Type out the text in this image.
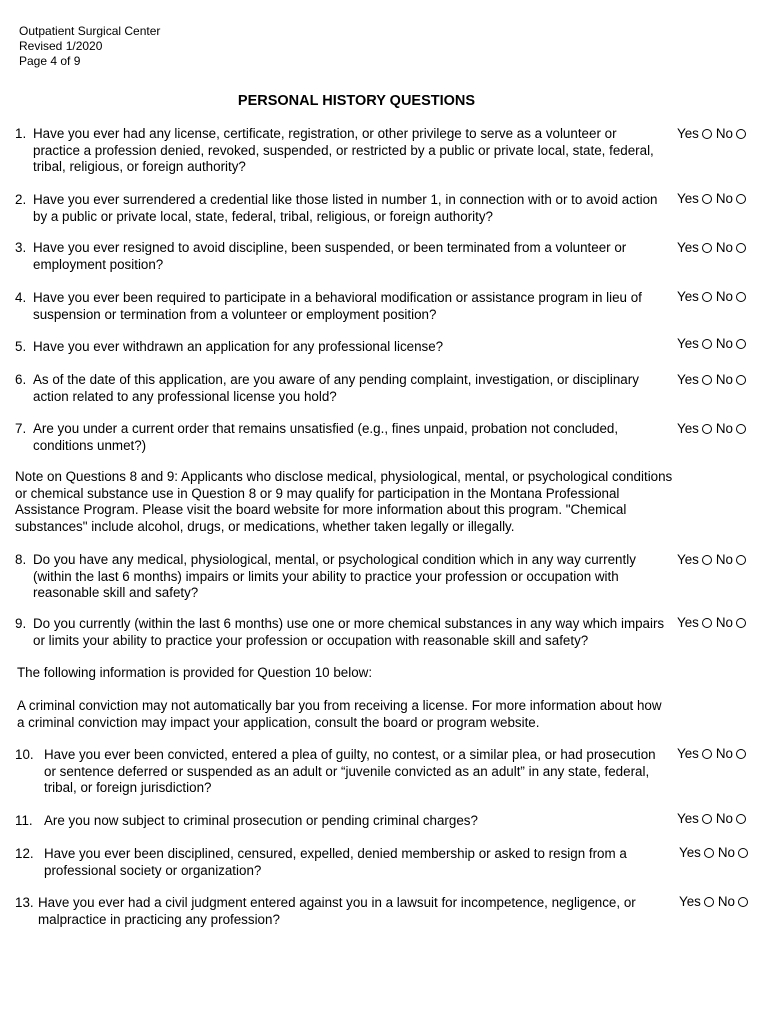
Outpatient Surgical Center
Revised 1/2020
Page 4 of 9
PERSONAL HISTORY QUESTIONS
1. Have you ever had any license, certificate, registration, or other privilege to serve as a volunteer or practice a profession denied, revoked, suspended, or restricted by a public or private local, state, federal, tribal, religious, or foreign authority?
Yes No
2. Have you ever surrendered a credential like those listed in number 1, in connection with or to avoid action by a public or private local, state, federal, tribal, religious, or foreign authority?
Yes No
3. Have you ever resigned to avoid discipline, been suspended, or been terminated from a volunteer or employment position?
Yes No
4. Have you ever been required to participate in a behavioral modification or assistance program in lieu of suspension or termination from a volunteer or employment position?
Yes No
5. Have you ever withdrawn an application for any professional license?	Yes No
6. As of the date of this application, are you aware of any pending complaint, investigation, or disciplinary action related to any professional license you hold?
Yes No
7. Are you under a current order that remains unsatisfied (e.g., fines unpaid, probation not concluded, conditions unmet?)
Yes No
Note on Questions 8 and 9: Applicants who disclose medical, physiological, mental, or psychological conditions or chemical substance use in Question 8 or 9 may qualify for participation in the Montana Professional Assistance Program. Please visit the board website for more information about this program. "Chemical substances" include alcohol, drugs, or medications, whether taken legally or illegally.
8. Do you have any medical, physiological, mental, or psychological condition which in any way currently (within the last 6 months) impairs or limits your ability to practice your profession or occupation with reasonable skill and safety?
Yes No
9. Do you currently (within the last 6 months) use one or more chemical substances in any way which impairs or limits your ability to practice your profession or occupation with reasonable skill and safety?
Yes No
The following information is provided for Question 10 below:
A criminal conviction may not automatically bar you from receiving a license. For more information about how a criminal conviction may impact your application, consult the board or program website.
10. Have you ever been convicted, entered a plea of guilty, no contest, or a similar plea, or had prosecution or sentence deferred or suspended as an adult or “juvenile convicted as an adult” in any state, federal, tribal, or foreign jurisdiction?
Yes No
11. Are you now subject to criminal prosecution or pending criminal charges?	Yes No
12. Have you ever been disciplined, censured, expelled, denied membership or asked to resign from a professional society or organization?
Yes No
13. Have you ever had a civil judgment entered against you in a lawsuit for incompetence, negligence, or malpractice in practicing any profession?
Yes No
